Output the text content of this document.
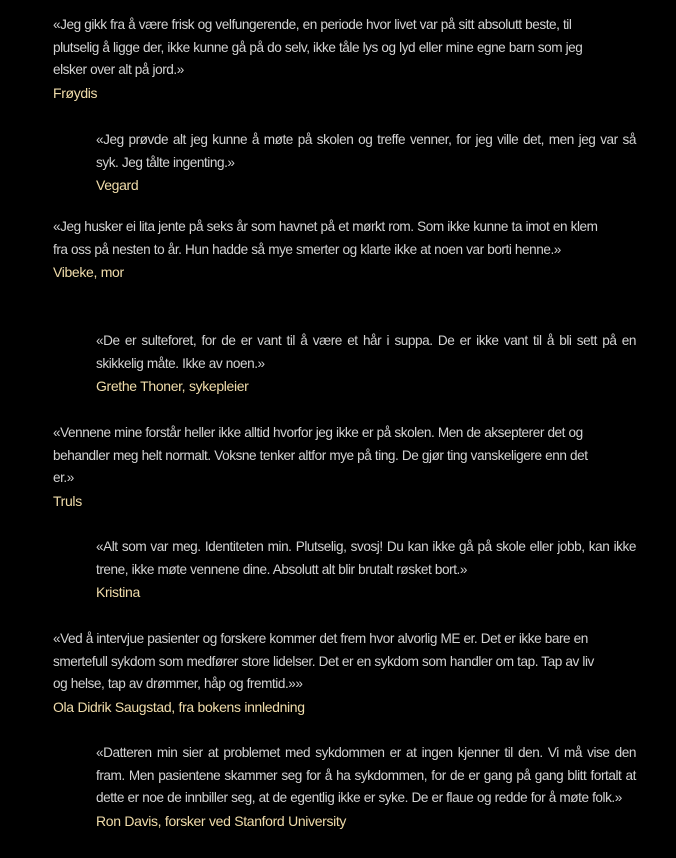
«Jeg gikk fra å være frisk og velfungerende, en periode hvor livet var på sitt absolutt beste, til plutselig å ligge der, ikke kunne gå på do selv, ikke tåle lys og lyd eller mine egne barn som jeg elsker over alt på jord.»

Frøydis

«Jeg prøvde alt jeg kunne å møte på skolen og treffe venner, for jeg ville det, men jeg var så syk. Jeg tålte ingenting.»

Vegard

«Jeg husker ei lita jente på seks år som havnet på et mørkt rom. Som ikke kunne ta imot en klem fra oss på nesten to år. Hun hadde så mye smerter og klarte ikke at noen var borti henne.»

Vibeke, mor

«De er sulteforet, for de er vant til å være et hår i suppa. De er ikke vant til å bli sett på en skikkelig måte. Ikke av noen.»

Grethe Thoner, sykepleier

«Vennene mine forstår heller ikke alltid hvorfor jeg ikke er på skolen. Men de aksepterer det og behandler meg helt normalt. Voksne tenker altfor mye på ting. De gjør ting vanskeligere enn det er.»

Truls

«Alt som var meg. Identiteten min. Plutselig, svosj! Du kan ikke gå på skole eller jobb, kan ikke trene, ikke møte vennene dine. Absolutt alt blir brutalt røsket bort.»

Kristina

«Ved å intervjue pasienter og forskere kommer det frem hvor alvorlig ME er. Det er ikke bare en smertefull sykdom som medfører store lidelser. Det er en sykdom som handler om tap. Tap av liv og helse, tap av drømmer, håp og fremtid.»»

Ola Didrik Saugstad, fra bokens innledning

«Datteren min sier at problemet med sykdommen er at ingen kjenner til den. Vi må vise den fram. Men pasientene skammer seg for å ha sykdommen, for de er gang på gang blitt fortalt at dette er noe de innbiller seg, at de egentlig ikke er syke. De er flaue og redde for å møte folk.»

Ron Davis, forsker ved Stanford University
